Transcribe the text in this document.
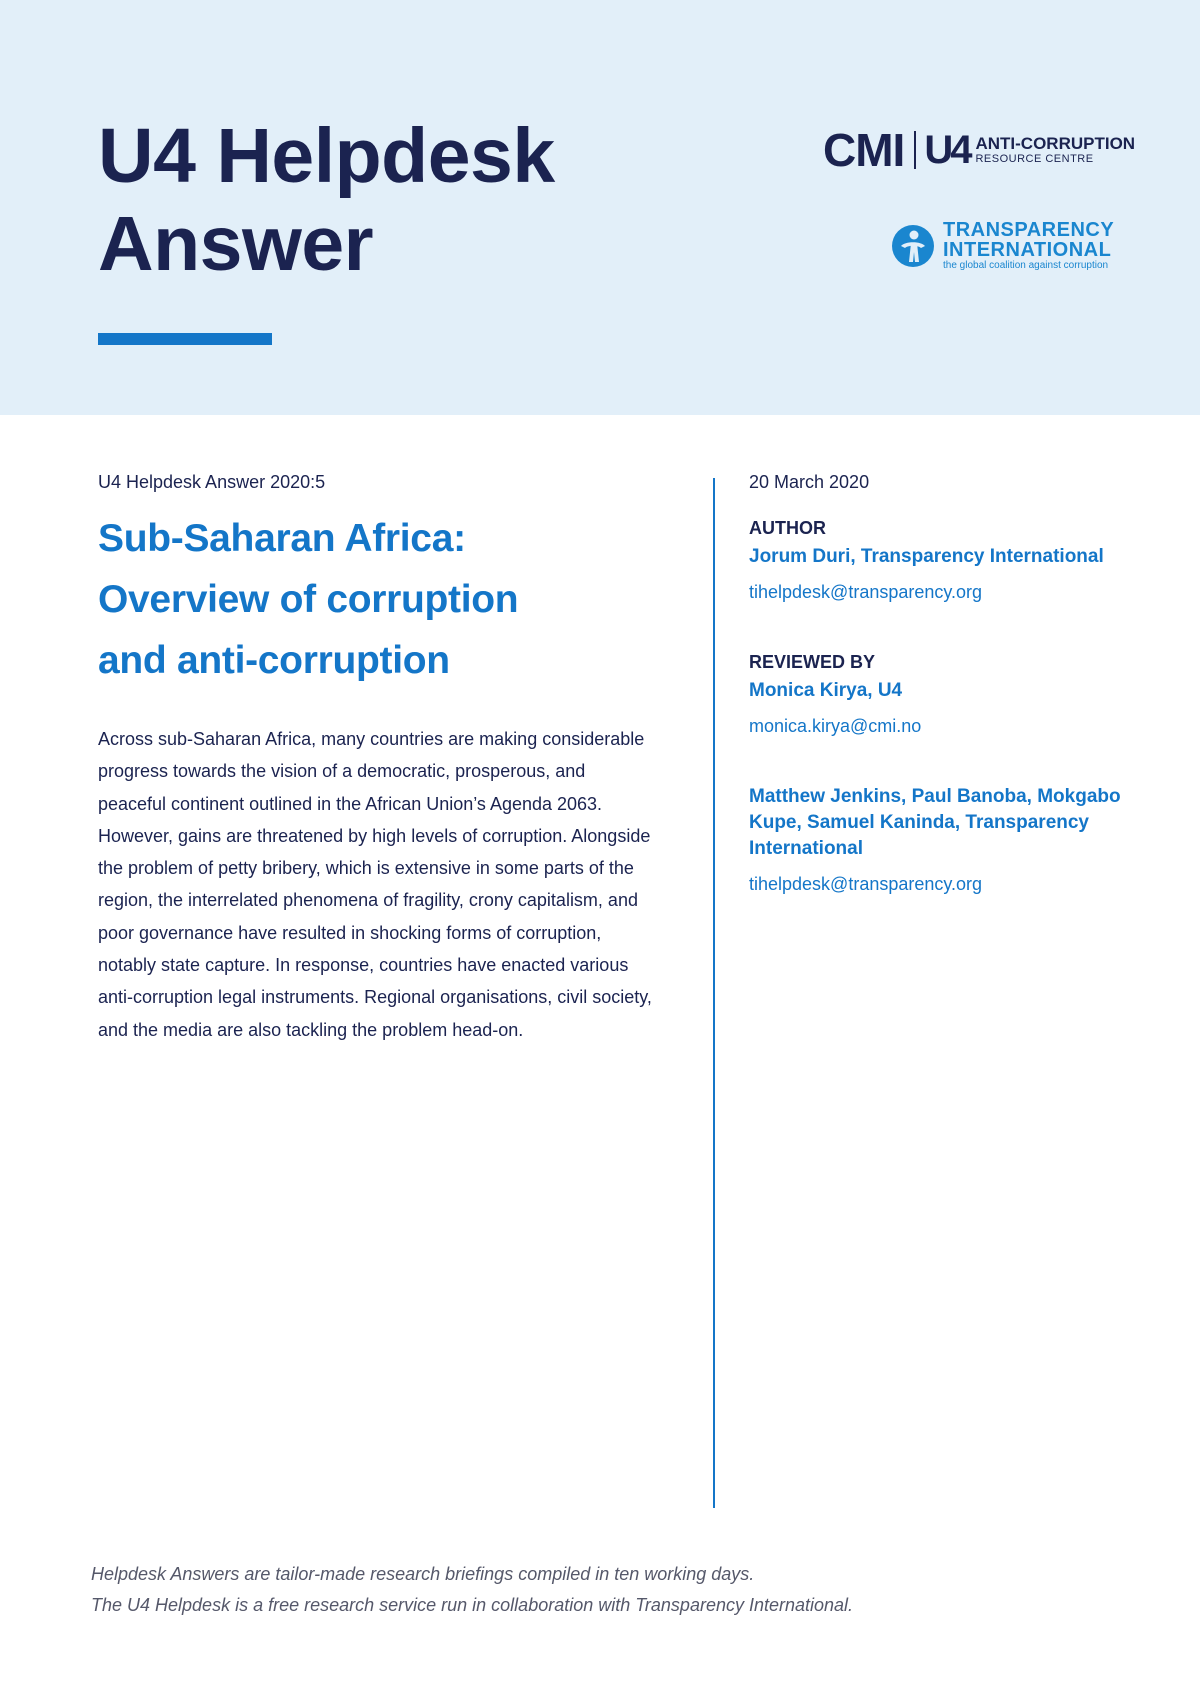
U4 Helpdesk
Answer
CMI U4 ANTI-CORRUPTION
RESOURCE CENTRE
TRANSPARENCY
INTERNATIONAL
the global coalition against corruption
U4 Helpdesk Answer 2020:5
Sub-Saharan Africa:
Overview of corruption
and anti-corruption

Across sub-Saharan Africa, many countries are making considerable progress towards the vision of a democratic, prosperous, and peaceful continent outlined in the African Union’s Agenda 2063. However, gains are threatened by high levels of corruption. Alongside the problem of petty bribery, which is extensive in some parts of the region, the interrelated phenomena of fragility, crony capitalism, and poor governance have resulted in shocking forms of corruption, notably state capture. In response, countries have enacted various anti-corruption legal instruments. Regional organisations, civil society, and the media are also tackling the problem head-on.

20 March 2020
AUTHOR
Jorum Duri, Transparency International
tihelpdesk@transparency.org
REVIEWED BY
Monica Kirya, U4
monica.kirya@cmi.no
Matthew Jenkins, Paul Banoba, Mokgabo Kupe, Samuel Kaninda, Transparency International
tihelpdesk@transparency.org
Helpdesk Answers are tailor-made research briefings compiled in ten working days.
The U4 Helpdesk is a free research service run in collaboration with Transparency International.
